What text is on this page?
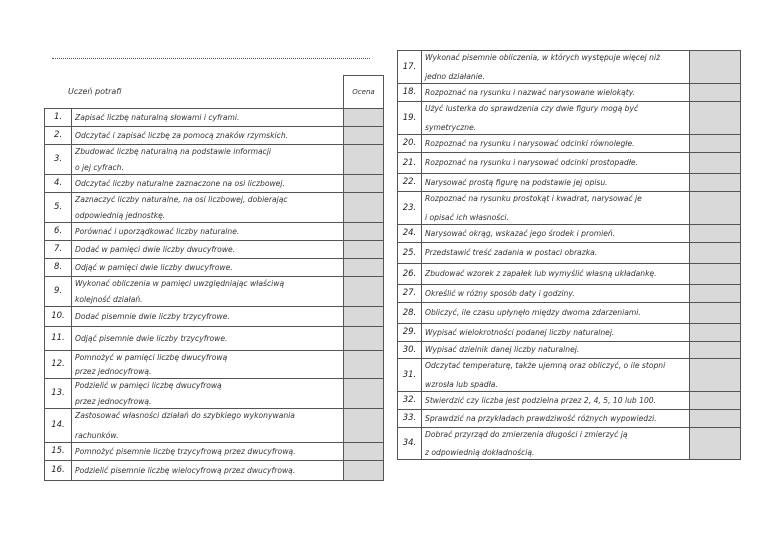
Uczeń potrafi
		Ocena
1.	Zapisać liczbę naturalną słowami i cyframi.	

2.	Odczytać i zapisać liczbę za pomocą znaków rzymskich.	

3.	Zbudować liczbę naturalną na podstawie informacji
o jej cyfrach.	

4.	Odczytać liczby naturalne zaznaczone na osi liczbowej.	

5.	Zaznaczyć liczby naturalne, na osi liczbowej, dobierając
odpowiednią jednostkę.	

6.	Porównać i uporządkować liczby naturalne.	

7.	Dodać w pamięci dwie liczby dwucyfrowe.	

8.	Odjąć w pamięci dwie liczby dwucyfrowe.	

9.	Wykonać obliczenia w pamięci uwzględniając właściwą
kolejność działań.	

10.	Dodać pisemnie dwie liczby trzycyfrowe.	

11.	Odjąć pisemnie dwie liczby trzycyfrowe.	

12.	Pomnożyć w pamięci liczbę dwucyfrową
przez jednocyfrową.	

13.	Podzielić w pamięci liczbę dwucyfrową
przez jednocyfrową.	

14.	Zastosować własności działań do szybkiego wykonywania
rachunków.	

15.	Pomnożyć pisemnie liczbę trzycyfrową przez dwucyfrową.	

16.	Podzielić pisemnie liczbę wielocyfrową przez dwucyfrową.	

17.	Wykonać pisemnie obliczenia, w których występuje więcej niż
jedno działanie.	

18.	Rozpoznać na rysunku i nazwać narysowane wielokąty.	

19.	Użyć lusterka do sprawdzenia czy dwie figury mogą być
symetryczne.	

20.	Rozpoznać na rysunku i narysować odcinki równoległe.	

21.	Rozpoznać na rysunku i narysować odcinki prostopadłe.	

22.	Narysować prostą figurę na podstawie jej opisu.	

23.	Rozpoznać na rysunku prostokąt i kwadrat, narysować je
i opisać ich własności.	

24.	Narysować okrąg, wskazać jego środek i promień.	

25.	Przedstawić treść zadania w postaci obrazka.	

26.	Zbudować wzorek z zapałek lub wymyślić własną układankę.	

27.	Określić w różny sposób daty i godziny.	

28.	Obliczyć, ile czasu upłynęło między dwoma zdarzeniami.	

29.	Wypisać wielokrotności podanej liczby naturalnej.	

30.	Wypisać dzielnik danej liczby naturalnej.	

31.	Odczytać temperaturę, także ujemną oraz obliczyć, o ile stopni
wzrosła lub spadła.	

32.	Stwierdzić czy liczba jest podzielna przez 2, 4, 5, 10 lub 100.	

33.	Sprawdzić na przykładach prawdziwość różnych wypowiedzi.	

34.	Dobrać przyrząd do zmierzenia długości i zmierzyć ją
z odpowiednią dokładnością.	
